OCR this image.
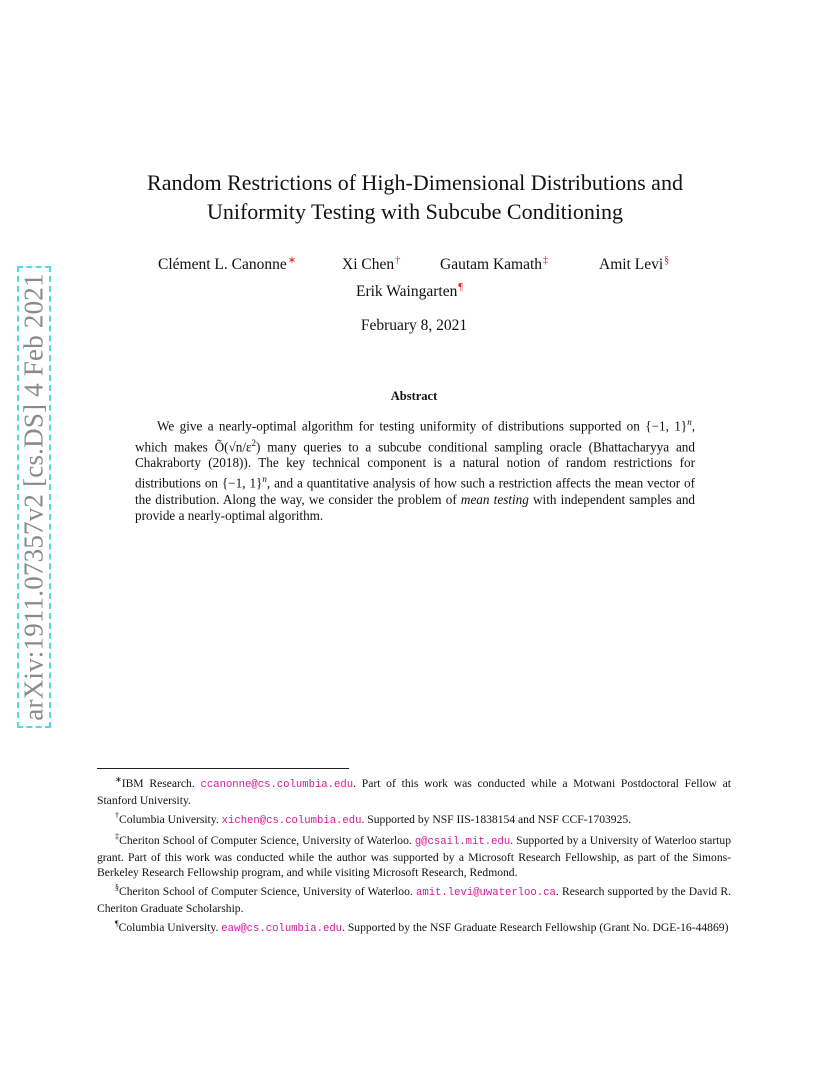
arXiv:1911.07357v2 [cs.DS] 4 Feb 2021
Random Restrictions of High-Dimensional Distributions and
Uniformity Testing with Subcube Conditioning
Clément L. Canonne∗	Xi Chen†	Gautam Kamath‡	Amit Levi§
Erik Waingarten¶
February 8, 2021
Abstract
We give a nearly-optimal algorithm for testing uniformity of distributions supported on {−1, 1}$^n$, which makes $Õ(√n/\varepsilon^2)$ many queries to a subcube conditional sampling oracle (Bhattacharyya and Chakraborty (2018)). The key technical component is a natural notion of random restrictions for distributions on {−1, 1}$^n$, and a quantitative analysis of how such a restriction affects the mean vector of the distribution. Along the way, we consider the problem of mean testing with independent samples and provide a nearly-optimal algorithm.

∗IBM Research. ccanonne@cs.columbia.edu. Part of this work was conducted while a Motwani Postdoctoral Fellow at Stanford University.

†Columbia University. xichen@cs.columbia.edu. Supported by NSF IIS-1838154 and NSF CCF-1703925.

‡Cheriton School of Computer Science, University of Waterloo. g@csail.mit.edu. Supported by a University of Waterloo startup grant. Part of this work was conducted while the author was supported by a Microsoft Research Fellowship, as part of the Simons-Berkeley Research Fellowship program, and while visiting Microsoft Research, Redmond.

§Cheriton School of Computer Science, University of Waterloo. amit.levi@uwaterloo.ca. Research supported by the David R. Cheriton Graduate Scholarship.

¶Columbia University. eaw@cs.columbia.edu. Supported by the NSF Graduate Research Fellowship (Grant No. DGE-16-44869)
